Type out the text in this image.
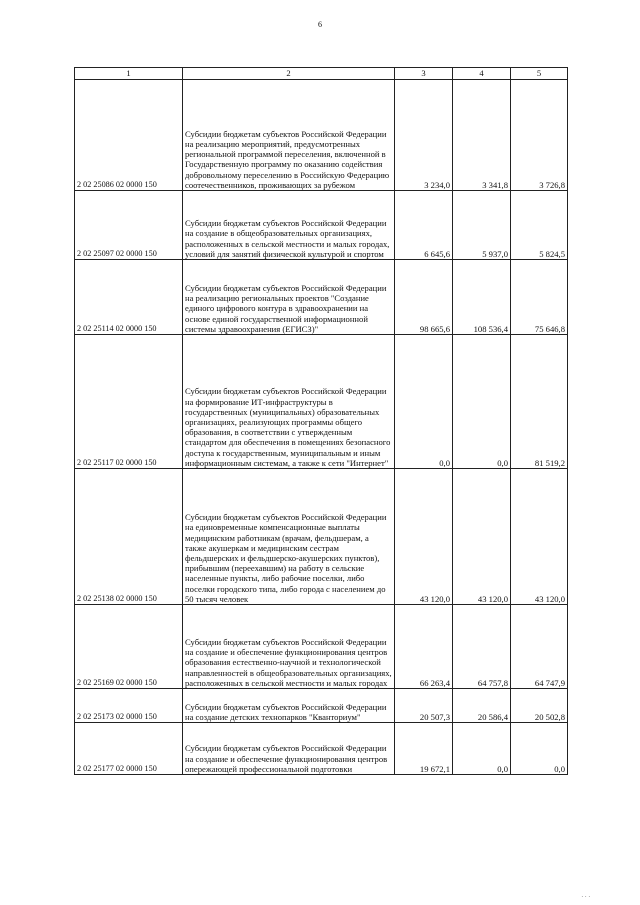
6
1	2	3	4	5
2 02 25086 02 0000 150	Субсидии бюджетам субъектов Российской Федерации на реализацию мероприятий, предусмотренных региональной программой переселения, включенной в Государственную программу по оказанию содействия добровольному переселению в Российскую Федерацию соотечественников, проживающих за рубежом	3 234,0	3 341,8	3 726,8
2 02 25097 02 0000 150	Субсидии бюджетам субъектов Российской Федерации на создание в общеобразовательных организациях, расположенных в сельской местности и малых городах, условий для занятий физической культурой и спортом	6 645,6	5 937,0	5 824,5
2 02 25114 02 0000 150	Субсидии бюджетам субъектов Российской Федерации на реализацию региональных проектов "Создание единого цифрового контура в здравоохранении на основе единой государственной информационной системы здравоохранения (ЕГИСЗ)"	98 665,6	108 536,4	75 646,8
2 02 25117 02 0000 150	Субсидии бюджетам субъектов Российской Федерации на формирование ИТ-инфраструктуры в государственных (муниципальных) образовательных организациях, реализующих программы общего образования, в соответствии с утвержденным стандартом для обеспечения в помещениях безопасного доступа к государственным, муниципальным и иным информационным системам, а также к сети "Интернет"	0,0	0,0	81 519,2
2 02 25138 02 0000 150	Субсидии бюджетам субъектов Российской Федерации на единовременные компенсационные выплаты медицинским работникам (врачам, фельдшерам, а также акушеркам и медицинским сестрам фельдшерских и фельдшерско-акушерских пунктов), прибывшим (переехавшим) на работу в сельские населенные пункты, либо рабочие поселки, либо поселки городского типа, либо города с населением до 50 тысяч человек	43 120,0	43 120,0	43 120,0
2 02 25169 02 0000 150	Субсидии бюджетам субъектов Российской Федерации на создание и обеспечение функционирования центров образования естественно-научной и технологической направленностей в общеобразовательных организациях, расположенных в сельской местности и малых городах	66 263,4	64 757,8	64 747,9
2 02 25173 02 0000 150	Субсидии бюджетам субъектов Российской Федерации на создание детских технопарков "Кванториум"	20 507,3	20 586,4	20 502,8
2 02 25177 02 0000 150	Субсидии бюджетам субъектов Российской Федерации на создание и обеспечение функционирования центров опережающей профессиональной подготовки	19 672,1	0,0	0,0
...
